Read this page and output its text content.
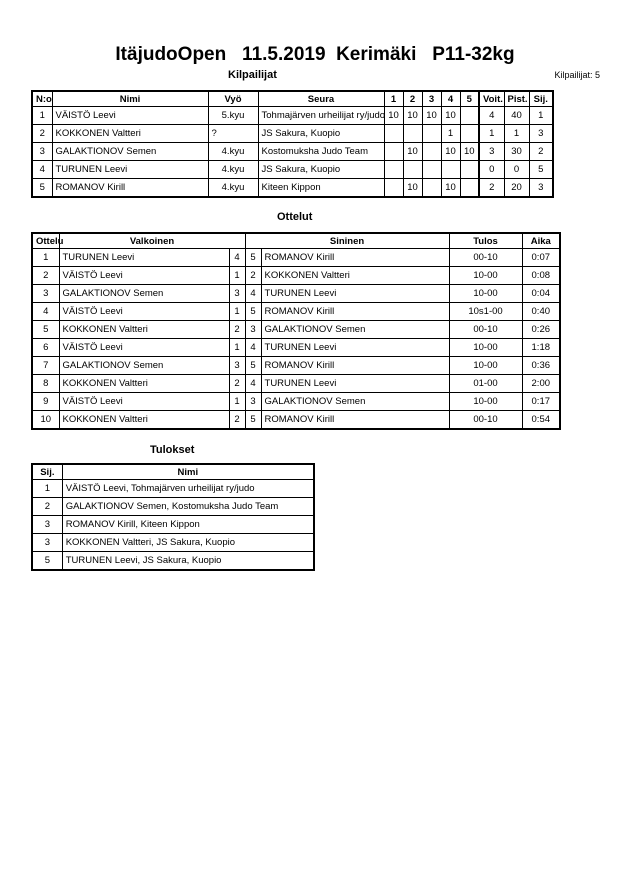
ItäjudoOpen   11.5.2019  Kerimäki   P11-32kg
Kilpailijat	Kilpailijat: 5
N:o	Nimi	Vyö	Seura	1	2	3	4	5	Voit.	Pist.	Sij.
1	VÄISTÖ Leevi	5.kyu	Tohmajärven urheilijat ry/judo	10	10	10	10		4	40	1
2	KOKKONEN Valtteri	?	JS Sakura, Kuopio				1		1	1	3
3	GALAKTIONOV Semen	4.kyu	Kostomuksha Judo Team		10		10	10	3	30	2
4	TURUNEN Leevi	4.kyu	JS Sakura, Kuopio						0	0	5
5	ROMANOV Kirill	4.kyu	Kiteen Kippon		10		10		2	20	3
Ottelut
Ottelu	Valkoinen		Sininen		Tulos	Aika
1	TURUNEN Leevi	4	5	ROMANOV Kirill	00-10	0:07
2	VÄISTÖ Leevi	1	2	KOKKONEN Valtteri	10-00	0:08
3	GALAKTIONOV Semen	3	4	TURUNEN Leevi	10-00	0:04
4	VÄISTÖ Leevi	1	5	ROMANOV Kirill	10s1-00	0:40
5	KOKKONEN Valtteri	2	3	GALAKTIONOV Semen	00-10	0:26
6	VÄISTÖ Leevi	1	4	TURUNEN Leevi	10-00	1:18
7	GALAKTIONOV Semen	3	5	ROMANOV Kirill	10-00	0:36
8	KOKKONEN Valtteri	2	4	TURUNEN Leevi	01-00	2:00
9	VÄISTÖ Leevi	1	3	GALAKTIONOV Semen	10-00	0:17
10	KOKKONEN Valtteri	2	5	ROMANOV Kirill	00-10	0:54
Tulokset
Sij.	Nimi
1	VÄISTÖ Leevi, Tohmajärven urheilijat ry/judo
2	GALAKTIONOV Semen, Kostomuksha Judo Team
3	ROMANOV Kirill, Kiteen Kippon
3	KOKKONEN Valtteri, JS Sakura, Kuopio
5	TURUNEN Leevi, JS Sakura, Kuopio
